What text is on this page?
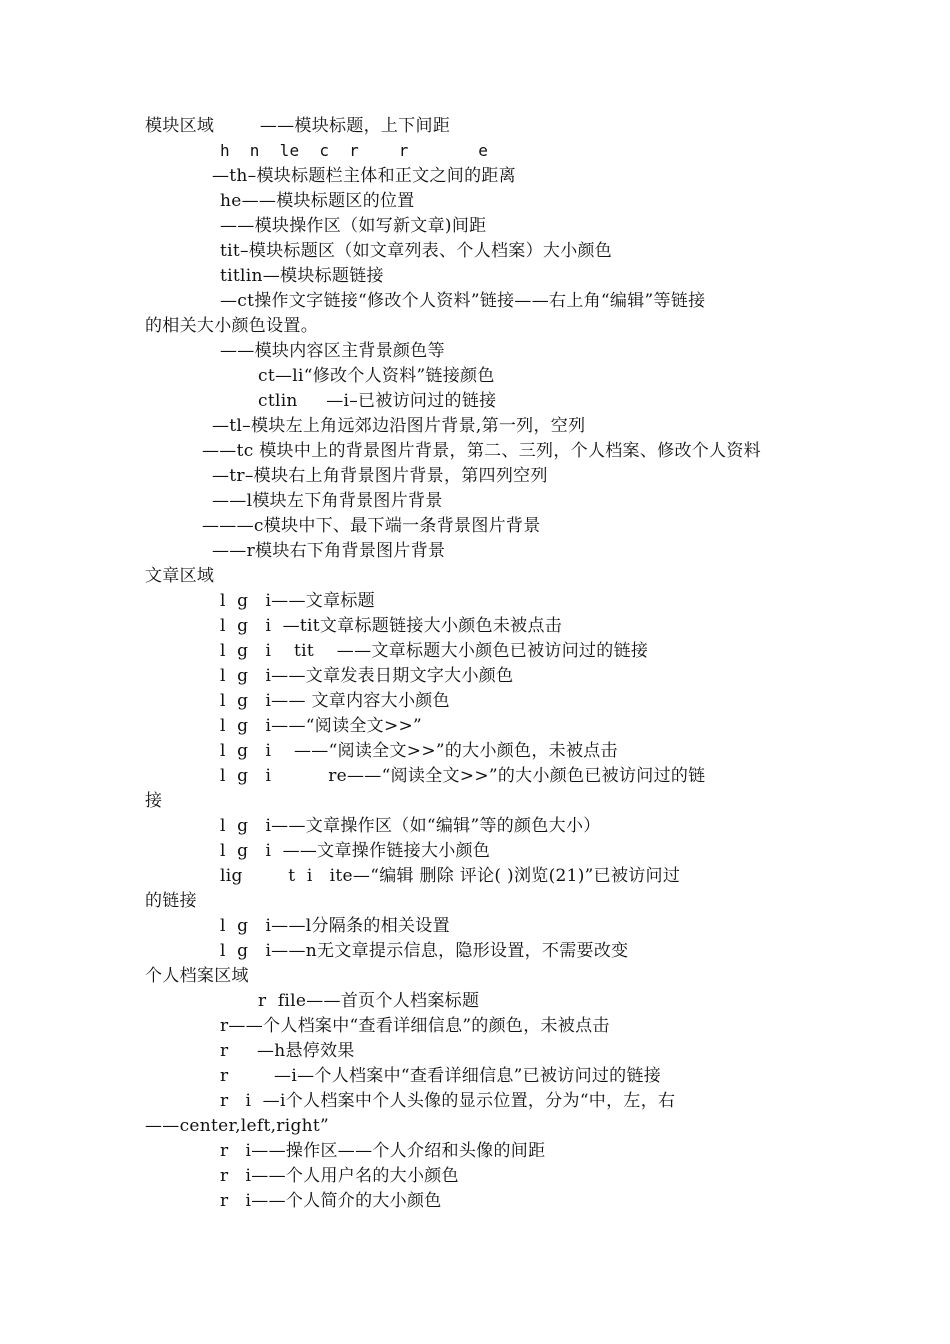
模块区域        ——模块标题，上下间距
h  n  le  c  r    r       e
—th–模块标题栏主体和正文之间的距离
he——模块标题区的位置
——模块操作区（如写新文章)间距
tit–模块标题区（如文章列表、个人档案）大小颜色
titlin—模块标题链接
—ct操作文字链接“修改个人资料”链接——右上角“编辑”等链接
的相关大小颜色设置。
——模块内容区主背景颜色等
ct—li“修改个人资料”链接颜色
ctlin     —i–已被访问过的链接
—tl–模块左上角远郊边沿图片背景,第一列，空列
——tc 模块中上的背景图片背景，第二、三列，个人档案、修改个人资料
—tr–模块右上角背景图片背景，第四列空列
——l模块左下角背景图片背景
———c模块中下、最下端一条背景图片背景
——r模块右下角背景图片背景
文章区域
l  g   i——文章标题
l  g   i  —tit文章标题链接大小颜色未被点击
l  g   i    tit    ——文章标题大小颜色已被访问过的链接
l  g   i——文章发表日期文字大小颜色
l  g   i—— 文章内容大小颜色
l  g   i——“阅读全文>>”
l  g   i    ——“阅读全文>>”的大小颜色，未被点击
l  g   i          re——“阅读全文>>”的大小颜色已被访问过的链
接
l  g   i——文章操作区（如“编辑”等的颜色大小）
l  g   i  ——文章操作链接大小颜色
lig        t  i   ite—“编辑 删除 评论( )浏览(21)”已被访问过
的链接
l  g   i——l分隔条的相关设置
l  g   i——n无文章提示信息，隐形设置，不需要改变
个人档案区域
r  file——首页个人档案标题
r——个人档案中“查看详细信息”的颜色，未被点击
r     —h悬停效果
r        —i—个人档案中“查看详细信息”已被访问过的链接
r   i  —i个人档案中个人头像的显示位置，分为“中，左，右
——center,left,right”
r   i——操作区——个人介绍和头像的间距
r   i——个人用户名的大小颜色
r   i——个人简介的大小颜色
